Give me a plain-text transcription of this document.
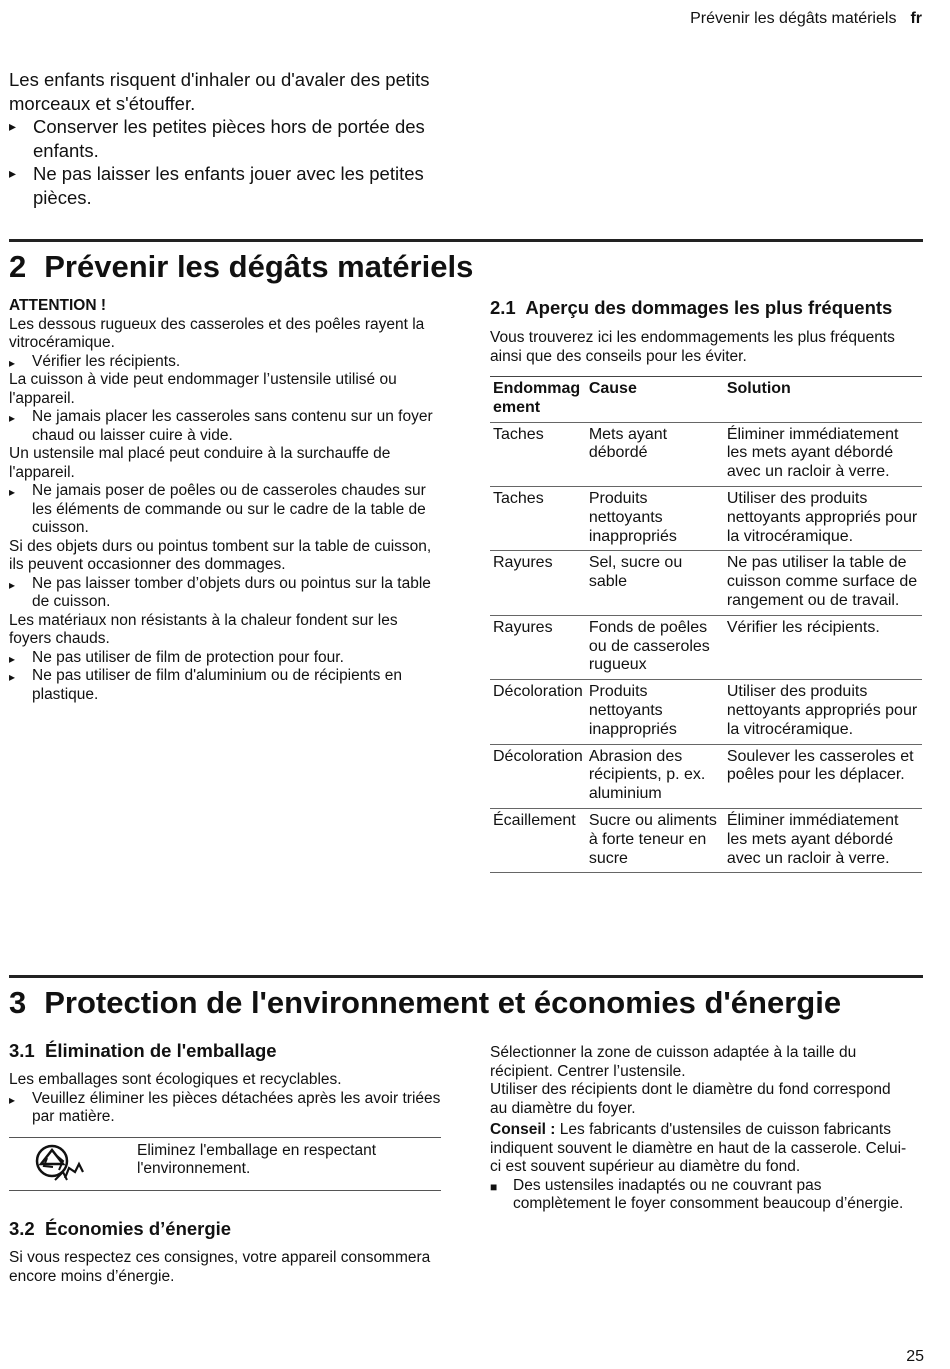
Prévenir les dégâts matériels fr

Les enfants risquent d'inhaler ou d'avaler des petits morceaux et s'étouffer.

▸ Conserver les petites pièces hors de portée des enfants.

▸ Ne pas laisser les enfants jouer avec les petites pièces.

2 Prévenir les dégâts matériels

ATTENTION !

Les dessous rugueux des casseroles et des poêles rayent la vitrocéramique.

▸ Vérifier les récipients.

La cuisson à vide peut endommager l’ustensile utilisé ou l'appareil.

▸ Ne jamais placer les casseroles sans contenu sur un foyer chaud ou laisser cuire à vide.

Un ustensile mal placé peut conduire à la surchauffe de l'appareil.

▸ Ne jamais poser de poêles ou de casseroles chaudes sur les éléments de commande ou sur le cadre de la table de cuisson.

Si des objets durs ou pointus tombent sur la table de cuisson, ils peuvent occasionner des dommages.

▸ Ne pas laisser tomber d’objets durs ou pointus sur la table de cuisson.

Les matériaux non résistants à la chaleur fondent sur les foyers chauds.

▸ Ne pas utiliser de film de protection pour four.

▸ Ne pas utiliser de film d'aluminium ou de récipients en plastique.

2.1 Aperçu des dommages les plus fréquents

Vous trouverez ici les endommagements les plus fréquents ainsi que des conseils pour les éviter.

Endommagement	Cause	Solution
Taches	Mets ayant débordé	Éliminer immédiatement les mets ayant débordé avec un racloir à verre.
Taches	Produits nettoyants inappropriés	Utiliser des produits nettoyants appropriés pour la vitrocéramique.
Rayures	Sel, sucre ou sable	Ne pas utiliser la table de cuisson comme surface de rangement ou de travail.
Rayures	Fonds de poêles ou de casseroles rugueux	Vérifier les récipients.
Décoloration	Produits nettoyants inappropriés	Utiliser des produits nettoyants appropriés pour la vitrocéramique.
Décoloration	Abrasion des récipients, p. ex. aluminium	Soulever les casseroles et poêles pour les déplacer.
Écaillement	Sucre ou aliments à forte teneur en sucre	Éliminer immédiatement les mets ayant débordé avec un racloir à verre.
3 Protection de l'environnement et économies d'énergie
3.1 Élimination de l'emballage

Les emballages sont écologiques et recyclables.

▸ Veuillez éliminer les pièces détachées après les avoir triées par matière.

Eliminez l'emballage en respectant l'environnement.

3.2 Économies d’énergie

Si vous respectez ces consignes, votre appareil consommera encore moins d’énergie.

Sélectionner la zone de cuisson adaptée à la taille du récipient. Centrer l’ustensile.

Utiliser des récipients dont le diamètre du fond correspond au diamètre du foyer.

Conseil : Les fabricants d'ustensiles de cuisson fabricants indiquent souvent le diamètre en haut de la casserole. Celui-ci est souvent supérieur au diamètre du fond.

■ Des ustensiles inadaptés ou ne couvrant pas complètement le foyer consomment beaucoup d’énergie.

25
